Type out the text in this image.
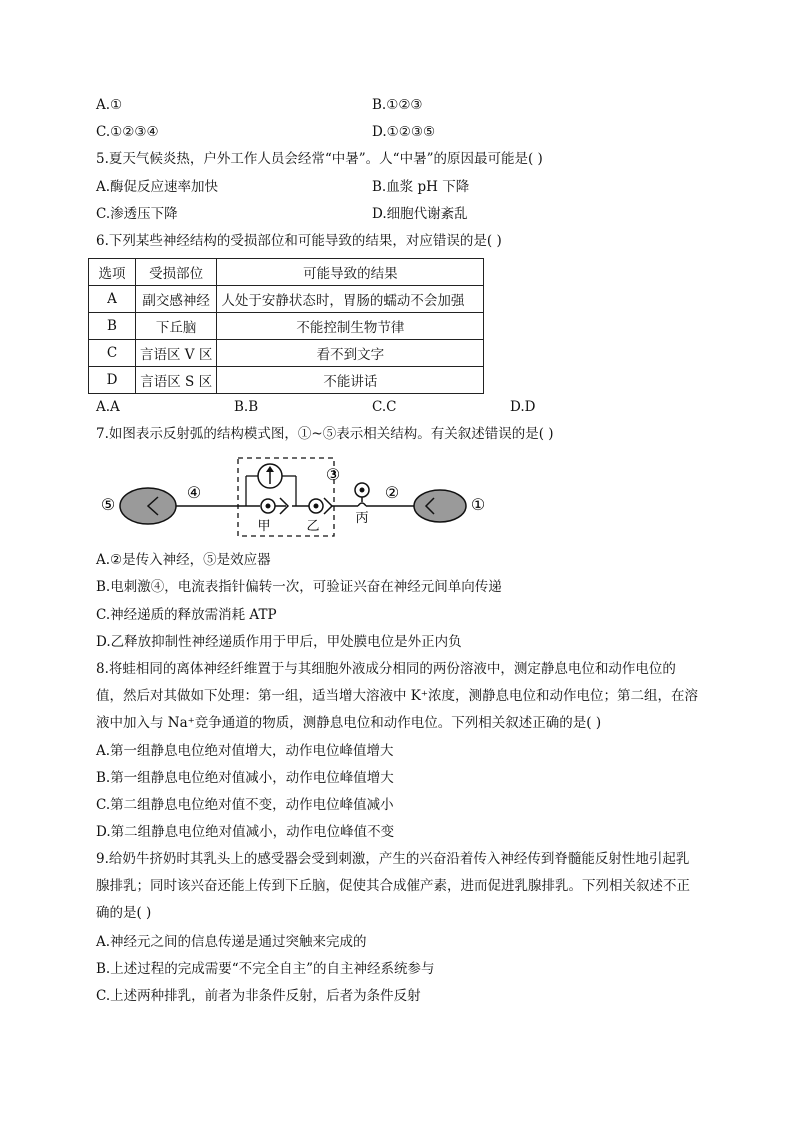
A.①	B.①②③
C.①②③④	D.①②③⑤
5.夏天气候炎热，户外工作人员会经常“中暑”。人“中暑”的原因最可能是( )
A.酶促反应速率加快	B.血浆 pH 下降
C.渗透压下降	D.细胞代谢紊乱
6.下列某些神经结构的受损部位和可能导致的结果，对应错误的是( )
选项	受损部位	可能导致的结果
A	副交感神经	人处于安静状态时，胃肠的蠕动不会加强
B	下丘脑	不能控制生物节律
C	言语区 V 区	看不到文字
D	言语区 S 区	不能讲话
A.A	B.B	C.C	D.D
7.如图表示反射弧的结构模式图，①~⑤表示相关结构。有关叙述错误的是( )
⑤
④
③
甲	乙
丙
②
①
A.②是传入神经，⑤是效应器
B.电刺激④，电流表指针偏转一次，可验证兴奋在神经元间单向传递
C.神经递质的释放需消耗 ATP
D.乙释放抑制性神经递质作用于甲后，甲处膜电位是外正内负
8.将蛙相同的离体神经纤维置于与其细胞外液成分相同的两份溶液中，测定静息电位和动作电位的值，然后对其做如下处理：第一组，适当增大溶液中 K⁺浓度，测静息电位和动作电位；第二组，在溶液中加入与 Na⁺竞争通道的物质，测静息电位和动作电位。下列相关叙述正确的是( )
A.第一组静息电位绝对值增大，动作电位峰值增大
B.第一组静息电位绝对值减小，动作电位峰值增大
C.第二组静息电位绝对值不变，动作电位峰值减小
D.第二组静息电位绝对值减小，动作电位峰值不变
9.给奶牛挤奶时其乳头上的感受器会受到刺激，产生的兴奋沿着传入神经传到脊髓能反射性地引起乳腺排乳；同时该兴奋还能上传到下丘脑，促使其合成催产素，进而促进乳腺排乳。下列相关叙述不正确的是( )
A.神经元之间的信息传递是通过突触来完成的
B.上述过程的完成需要“不完全自主”的自主神经系统参与
C.上述两种排乳，前者为非条件反射，后者为条件反射
